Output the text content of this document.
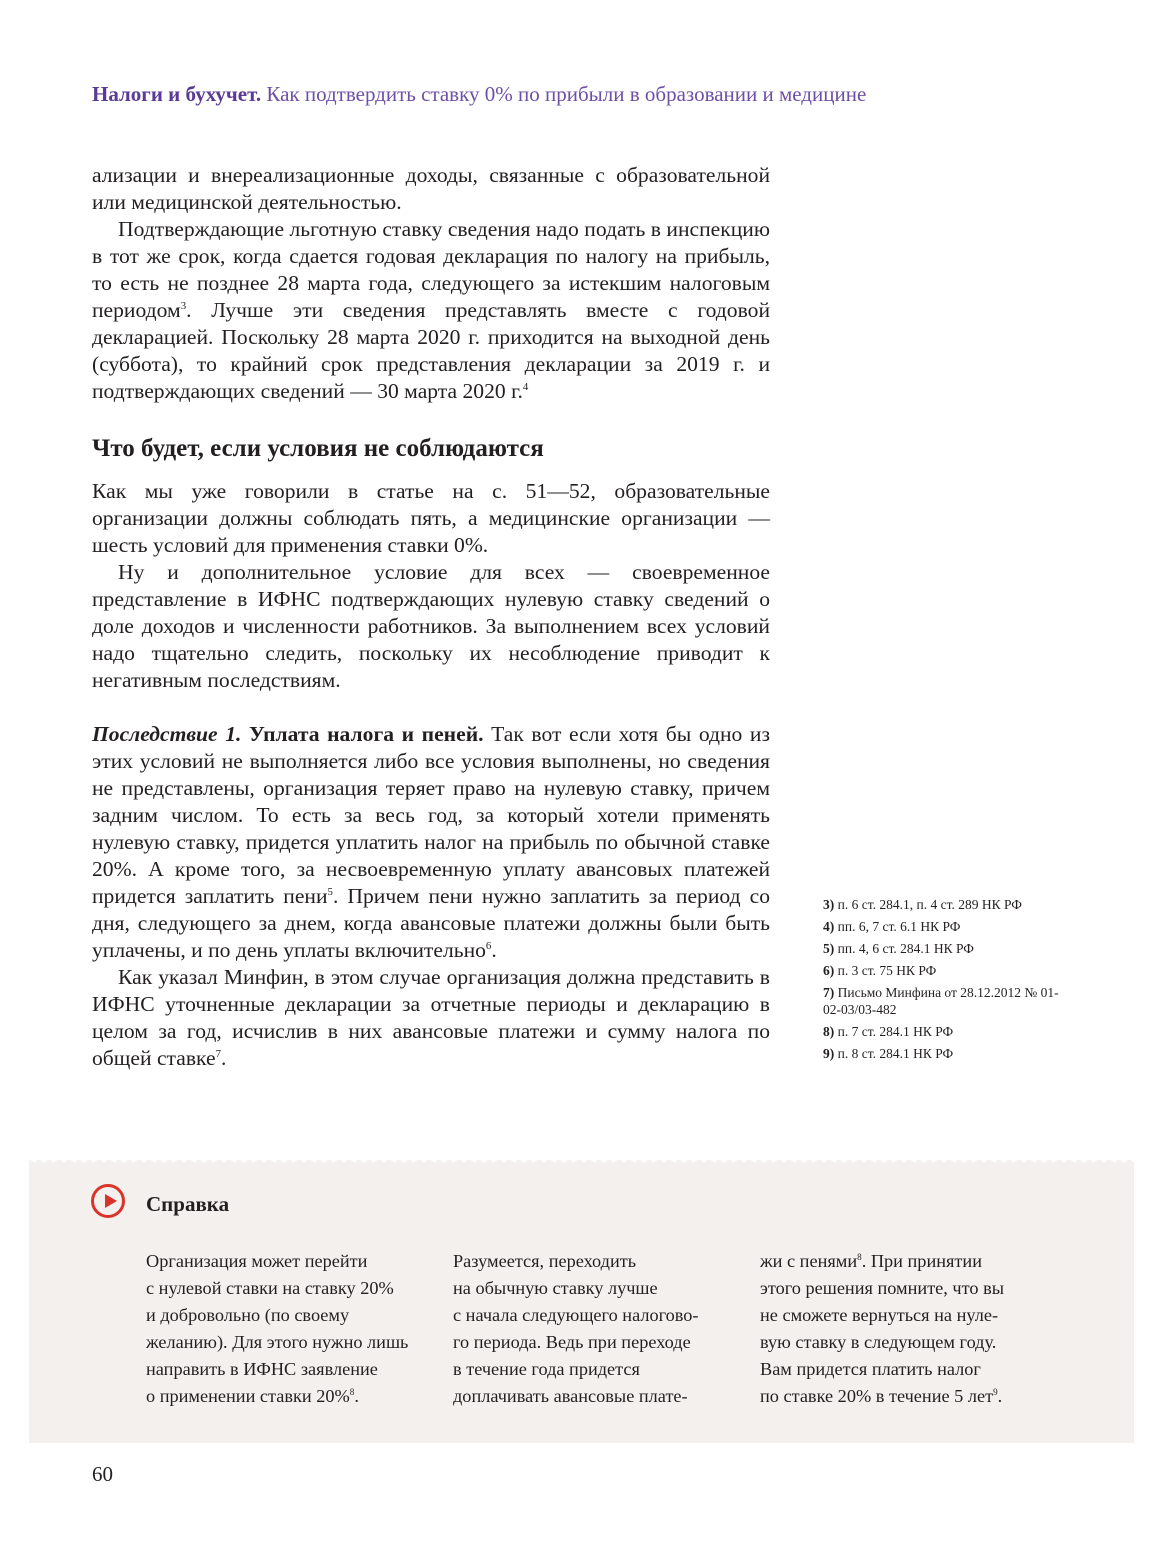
Налоги и бухучет. Как подтвердить ставку 0% по прибыли в образовании и медицине

ализации и внереализационные доходы, связанные с образовательной или медицинской деятельностью.

Подтверждающие льготную ставку сведения надо подать в инспекцию в тот же срок, когда сдается годовая декларация по налогу на прибыль, то есть не позднее 28 марта года, следующего за истекшим налоговым периодом$^3$. Лучше эти сведения представлять вместе с годовой декларацией. Поскольку 28 марта 2020 г. приходится на выходной день (суббота), то крайний срок представления декларации за 2019 г. и подтверждающих сведений — 30 марта 2020 г.$^4$

Что будет, если условия не соблюдаются

Как мы уже говорили в статье на с. 51—52, образовательные организации должны соблюдать пять, а медицинские организации — шесть условий для применения ставки 0%.

Ну и дополнительное условие для всех — своевременное представление в ИФНС подтверждающих нулевую ставку сведений о доле доходов и численности работников. За выполнением всех условий надо тщательно следить, поскольку их несоблюдение приводит к негативным последствиям.

Последствие 1. Уплата налога и пеней. Так вот если хотя бы одно из этих условий не выполняется либо все условия выполнены, но сведения не представлены, организация теряет право на нулевую ставку, причем задним числом. То есть за весь год, за который хотели применять нулевую ставку, придется уплатить налог на прибыль по обычной ставке 20%. А кроме того, за несвоевременную уплату авансовых платежей придется заплатить пени$^5$. Причем пени нужно заплатить за период со дня, следующего за днем, когда авансовые платежи должны были быть уплачены, и по день уплаты включительно$^6$.

Как указал Минфин, в этом случае организация должна представить в ИФНС уточненные декларации за отчетные периоды и декларацию в целом за год, исчислив в них авансовые платежи и сумму налога по общей ставке$^7$.

3) п. 6 ст. 284.1, п. 4 ст. 289 НК РФ
4) пп. 6, 7 ст. 6.1 НК РФ
5) пп. 4, 6 ст. 284.1 НК РФ
6) п. 3 ст. 75 НК РФ
7) Письмо Минфина от 28.12.2012 № 01-02-03/03-482
8) п. 7 ст. 284.1 НК РФ
9) п. 8 ст. 284.1 НК РФ
Справка
Организация может перейти
с нулевой ставки на ставку 20%
и добровольно (по своему
желанию). Для этого нужно лишь
направить в ИФНС заявление
о применении ставки 20%$^8$.
Разумеется, переходить
на обычную ставку лучше
с начала следующего налогово-
го периода. Ведь при переходе
в течение года придется
доплачивать авансовые плате-
жи с пенями$^8$. При принятии
этого решения помните, что вы
не сможете вернуться на нуле-
вую ставку в следующем году.
Вам придется платить налог
по ставке 20% в течение 5 лет$^9$.
60
